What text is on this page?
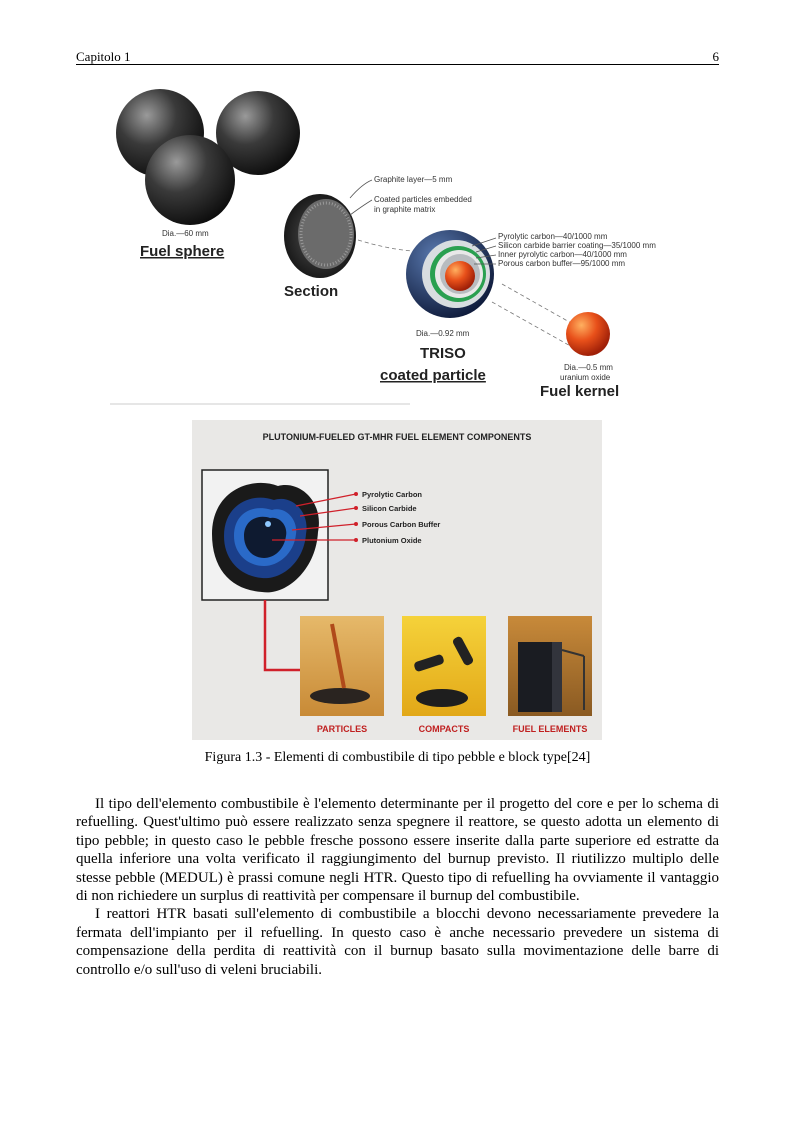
Capitolo 1	6
Dia.—60 mm
Fuel sphere
Section
Graphite layer—5 mm
Coated particles embedded
in graphite matrix
Pyrolytic carbon—40/1000 mm
Silicon carbide barrier coating—35/1000 mm
Inner pyrolytic carbon—40/1000 mm
Porous carbon buffer—95/1000 mm
Dia.—0.92 mm
TRISO
coated particle	Dia.—0.5 mm
uranium oxide
Fuel kernel
PLUTONIUM-FUELED GT-MHR FUEL ELEMENT COMPONENTS
Pyrolytic Carbon
Silicon Carbide
Porous Carbon Buffer
Plutonium Oxide
PARTICLES	COMPACTS	FUEL ELEMENTS
Figura 1.3 - Elementi di combustibile di tipo pebble e block type[24]

Il tipo dell'elemento combustibile è l'elemento determinante per il progetto del core e per lo schema di refuelling. Quest'ultimo può essere realizzato senza spegnere il reattore, se questo adotta un elemento di tipo pebble; in questo caso le pebble fresche possono essere inserite dalla parte superiore ed estratte da quella inferiore una volta verificato il raggiungimento del burnup previsto. Il riutilizzo multiplo delle stesse pebble (MEDUL) è prassi comune negli HTR. Questo tipo di refuelling ha ovviamente il vantaggio di non richiedere un surplus di reattività per compensare il burnup del combustibile.

I reattori HTR basati sull'elemento di combustibile a blocchi devono necessariamente prevedere la fermata dell'impianto per il refuelling. In questo caso è anche necessario prevedere un sistema di compensazione della perdita di reattività con il burnup basato sulla movimentazione delle barre di controllo e/o sull'uso di veleni bruciabili.
